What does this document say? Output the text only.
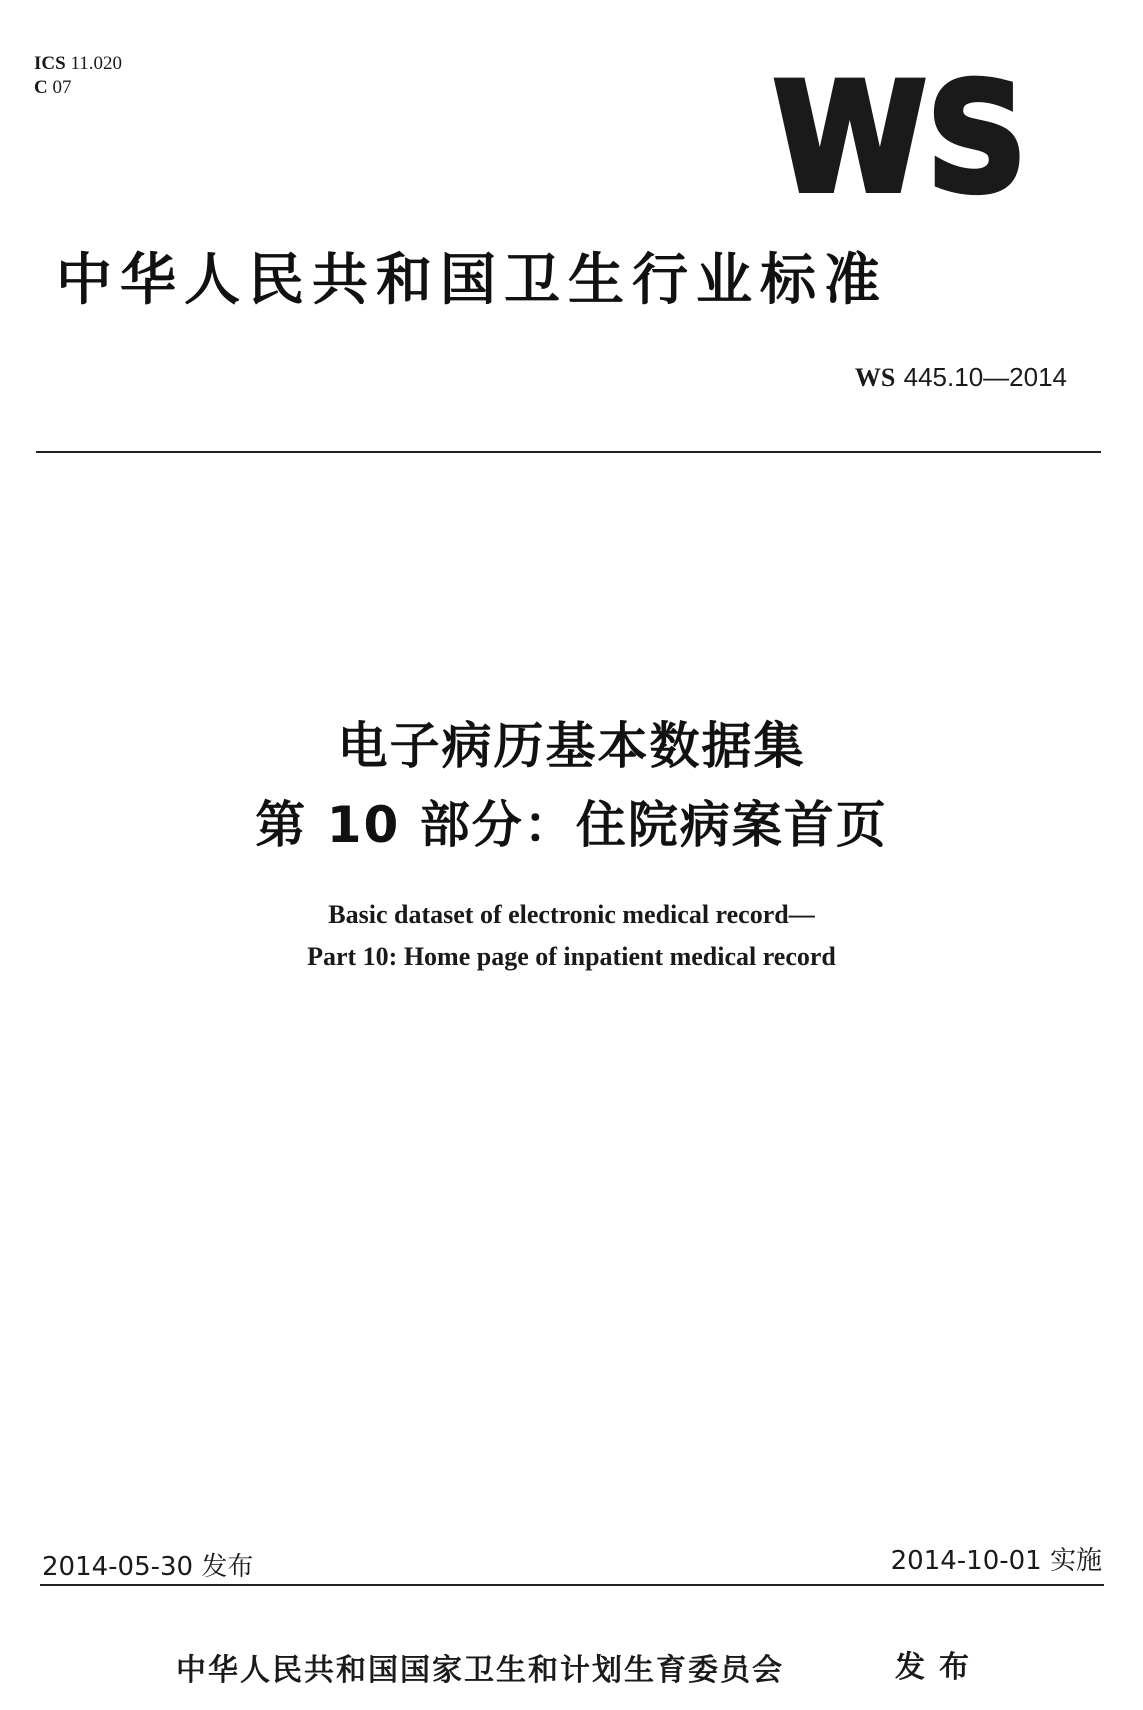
ICS 11.020
C 07	WS
中华人民共和国卫生行业标准
WS 445.10—2014
电子病历基本数据集
第 10 部分：住院病案首页
Basic dataset of electronic medical record—
Part 10: Home page of inpatient medical record
2014-05-30 发布	2014-10-01 实施
中华人民共和国国家卫生和计划生育委员会	发布
